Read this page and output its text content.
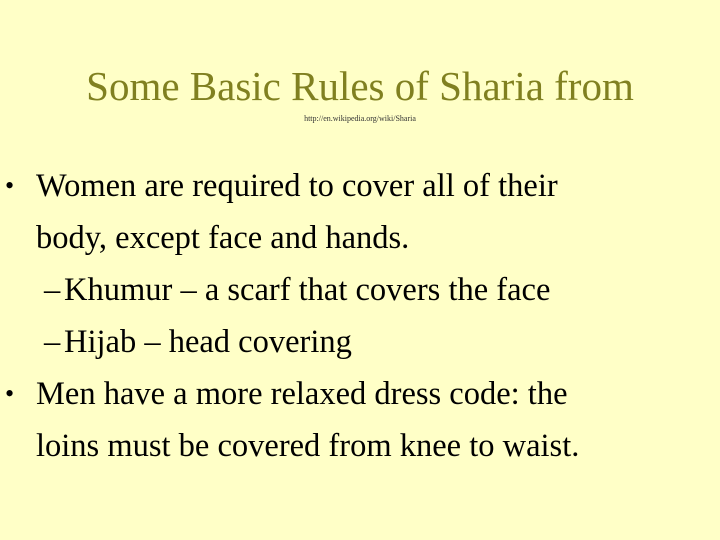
Some Basic Rules of Sharia from
http://en.wikipedia.org/wiki/Sharia
• Women are required to cover all of their
body, except face and hands.
– Khumur – a scarf that covers the face
– Hijab – head covering
• Men have a more relaxed dress code: the
loins must be covered from knee to waist.
